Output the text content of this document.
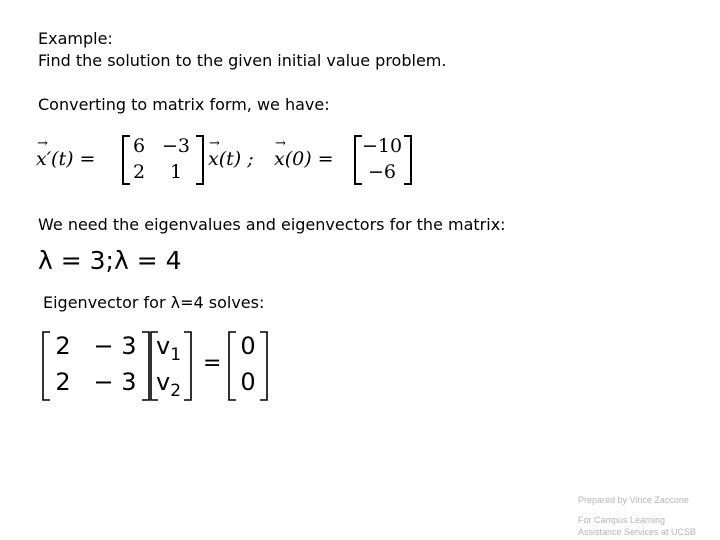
Example:
Find the solution to the given initial value problem.
Converting to matrix form, we have:
→ x′(t) =
6 −3
2	1
→ x(t) ;
→ x(0) =
−10
−6
We need the eigenvalues and eigenvectors for the matrix:
λ = 3;λ = 4
Eigenvector for λ=4 solves:
2 − 3
2 − 3
$v_1$
$v_2$
=
0
0
Prepared by Vince Zaccone
For Campus Learning
Assistance Services at UCSB
